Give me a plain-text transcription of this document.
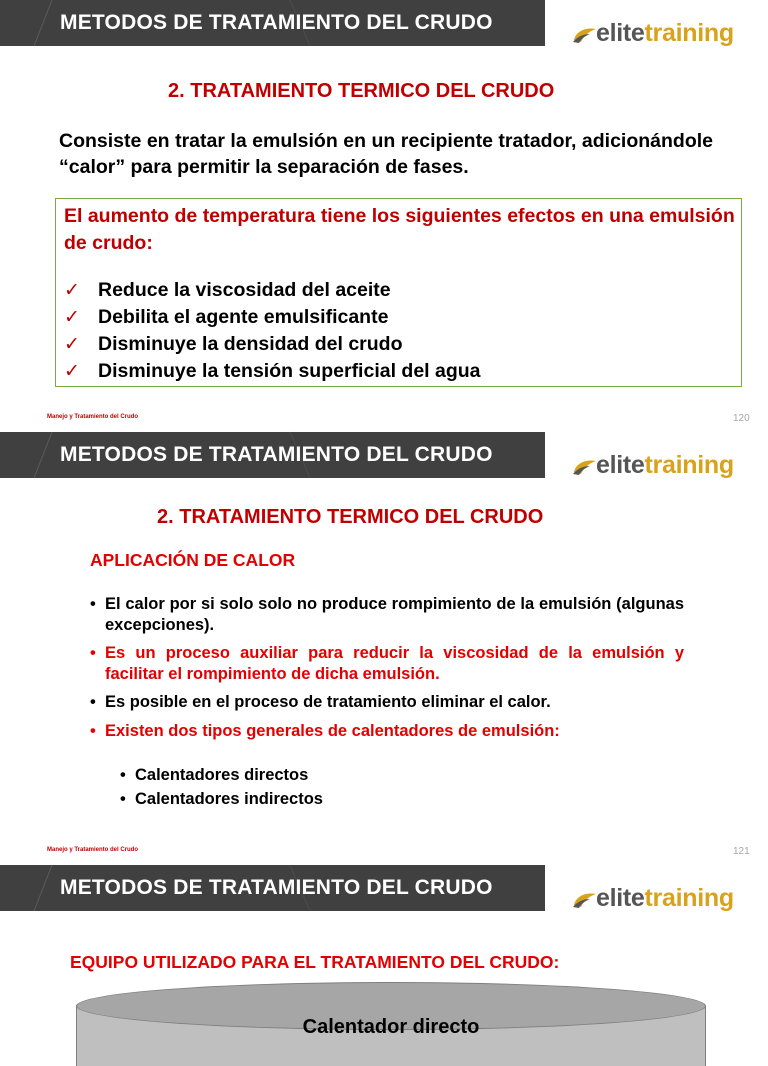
METODOS DE TRATAMIENTO DEL CRUDO	elitetraining
2. TRATAMIENTO TERMICO DEL CRUDO
Consiste en tratar la emulsión en un recipiente tratador, adicionándole “calor” para permitir la separación de fases.
El aumento de temperatura tiene los siguientes efectos en una emulsión de crudo:
✓ Reduce la viscosidad del aceite
✓ Debilita el agente emulsificante
✓ Disminuye la densidad del crudo
✓ Disminuye la tensión superficial del agua
Manejo y Tratamiento del Crudo	120
METODOS DE TRATAMIENTO DEL CRUDO	elitetraining
2. TRATAMIENTO TERMICO DEL CRUDO
APLICACIÓN DE CALOR
• El calor por si solo solo no produce rompimiento de la emulsión (algunas excepciones).
• Es un proceso auxiliar para reducir la viscosidad de la emulsión y facilitar el rompimiento de dicha emulsión.
• Es posible en el proceso de tratamiento eliminar el calor.
• Existen dos tipos generales de calentadores de emulsión:
• Calentadores directos
• Calentadores indirectos
Manejo y Tratamiento del Crudo	121
METODOS DE TRATAMIENTO DEL CRUDO	elitetraining
EQUIPO UTILIZADO PARA EL TRATAMIENTO DEL CRUDO:
Calentador directo
